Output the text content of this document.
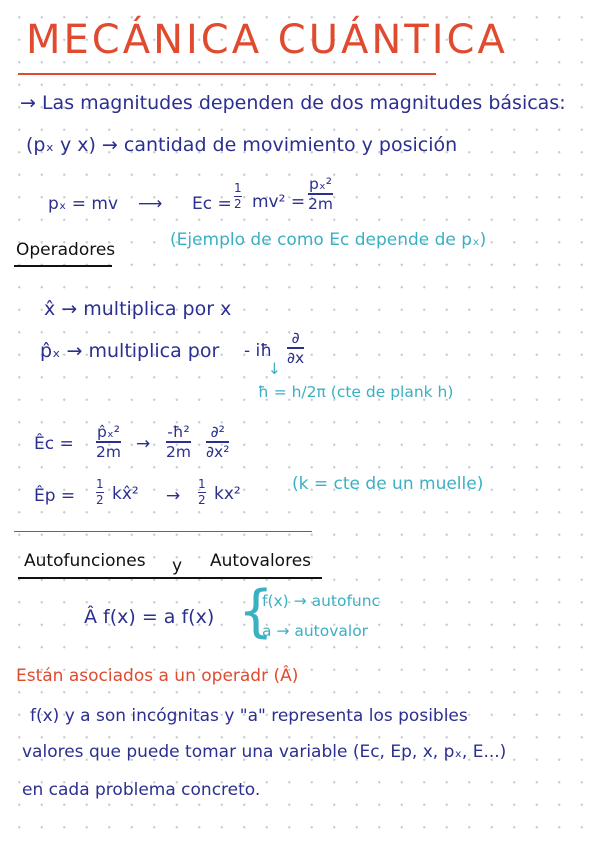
MECÁNICA CUÁNTICA
→ Las magnitudes dependen de dos magnitudes básicas:
(pₓ y x) → cantidad de movimiento y posición
pₓ = mv ⟶ Ec =
1
2 mv² =
pₓ²
2m
(Ejemplo de como Ec depende de pₓ)
Operadores
x̂ → multiplica por x
p̂ₓ → multiplica por - iħ
∂
∂x
↓
ħ = h/2π (cte de plank h)
Êc =
p̂ₓ²
2m →
-ħ²
2m
∂²
∂x²
Êp =
1
2 kx̂² →
1
2 kx²	(k = cte de un muelle)
Autofunciones y Autovalores
Â f(x) = a f(x) {
f(x) → autofunc
a → autovalor
Están asociados a un operadr (Â)
f(x) y a son incógnitas y "a" representa los posibles
valores que puede tomar una variable (Ec, Ep, x, pₓ, E...)
en cada problema concreto.
